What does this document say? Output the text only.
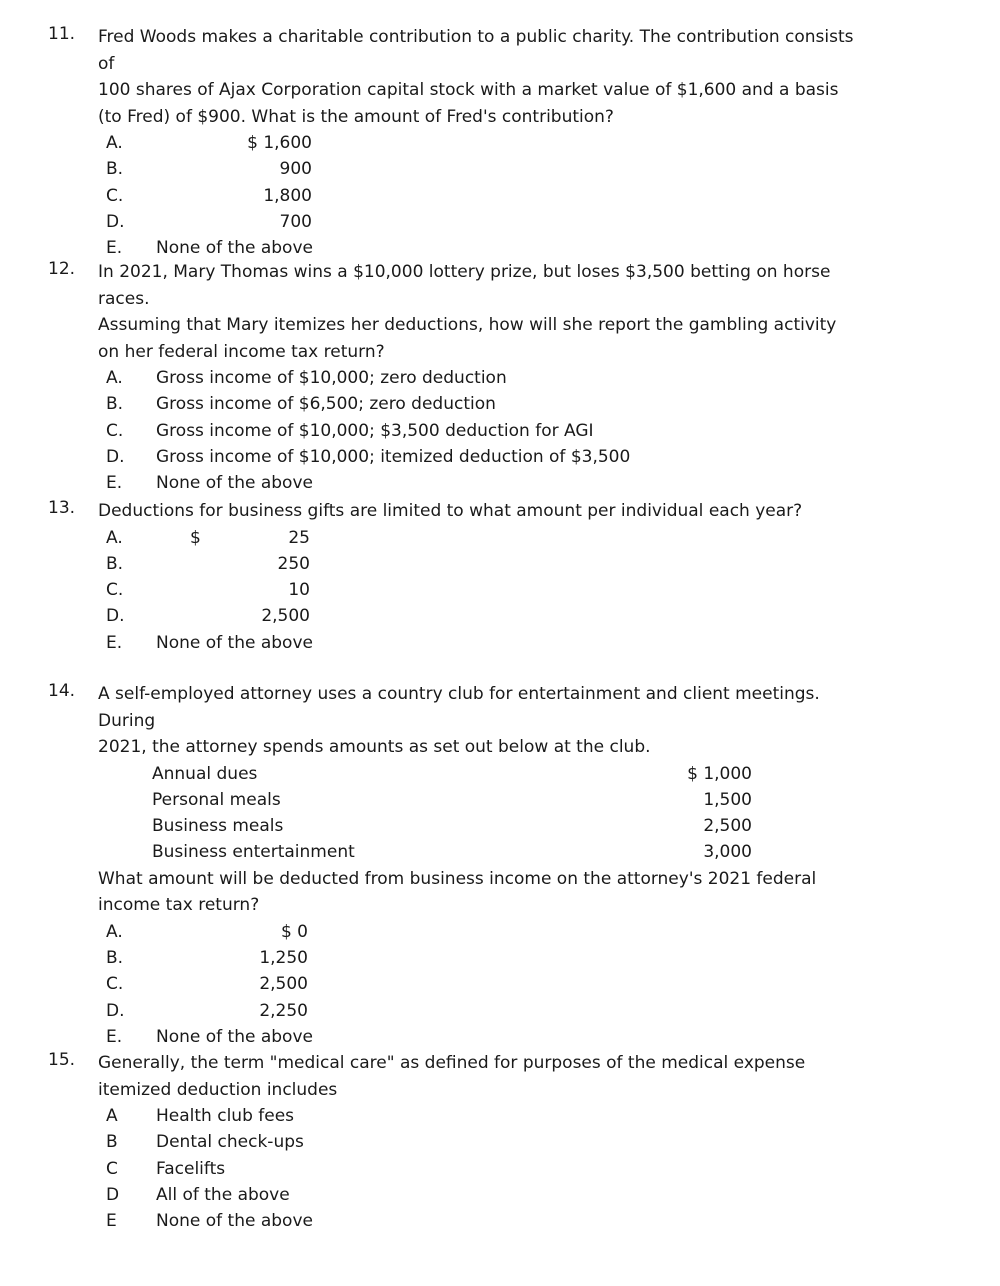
11.	Fred Woods makes a charitable contribution to a public charity. The contribution consists of
100 shares of Ajax Corporation capital stock with a market value of $1,600 and a basis
(to Fred) of $900. What is the amount of Fred's contribution?
A.	$ 1,600
B.	900
C.	1,800
D.	700
E.	None of the above
12.	In 2021, Mary Thomas wins a $10,000 lottery prize, but loses $3,500 betting on horse races.
Assuming that Mary itemizes her deductions, how will she report the gambling activity
on her federal income tax return?
A.	Gross income of $10,000; zero deduction
B.	Gross income of $6,500; zero deduction
C.	Gross income of $10,000; $3,500 deduction for AGI
D.	Gross income of $10,000; itemized deduction of $3,500
E.	None of the above
13.	Deductions for business gifts are limited to what amount per individual each year?
A.	$	25
B.	250
C.	10
D.	2,500
E.	None of the above
14.	A self-employed attorney uses a country club for entertainment and client meetings. During
2021, the attorney spends amounts as set out below at the club.
Annual dues	$ 1,000
Personal meals	1,500
Business meals	2,500
Business entertainment	3,000
What amount will be deducted from business income on the attorney's 2021 federal
income tax return?
A.	$ 0
B.	1,250
C.	2,500
D.	2,250
E.	None of the above
15.	Generally, the term "medical care" as defined for purposes of the medical expense
itemized deduction includes
A	Health club fees
B	Dental check-ups
C	Facelifts
D	All of the above
E	None of the above
